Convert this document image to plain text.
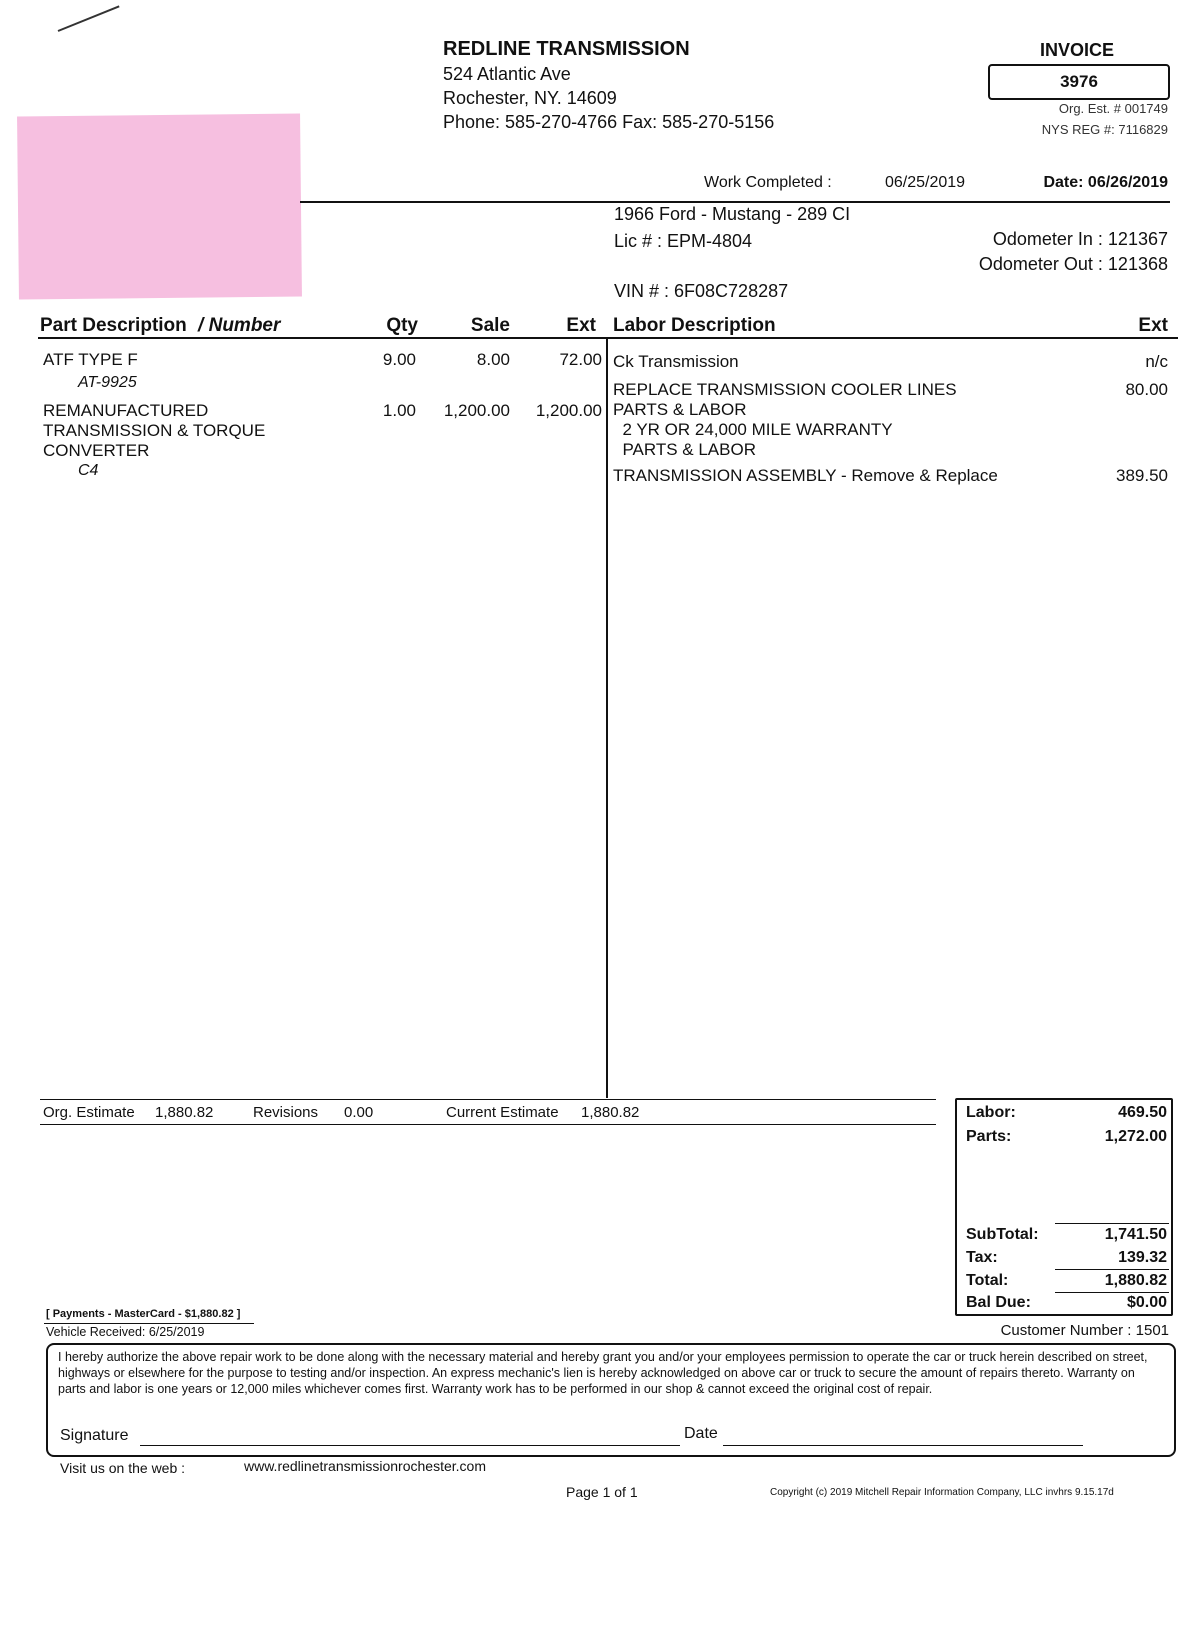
REDLINE TRANSMISSION
524 Atlantic Ave
Rochester, NY. 14609
Phone: 585-270-4766 Fax: 585-270-5156
INVOICE
3976
Org. Est. # 001749
NYS REG #: 7116829
Work Completed :	06/25/2019	Date: 06/26/2019
1966 Ford - Mustang - 289 CI
Lic # : EPM-4804
VIN # : 6F08C728287
Odometer In : 121367
Odometer Out : 121368
Part Description / Number	Qty	Sale	Ext Labor Description	Ext
ATF TYPE F
AT-9925
9.00	8.00	72.00
REMANUFACTURED
TRANSMISSION & TORQUE
CONVERTER
C4
1.00	1,200.00	1,200.00
Ck Transmission	n/c
REPLACE TRANSMISSION COOLER LINES
PARTS & LABOR
2 YR OR 24,000 MILE WARRANTY
PARTS & LABOR
80.00
TRANSMISSION ASSEMBLY - Remove & Replace	389.50
Org. Estimate 1,880.82	Revisions 0.00	Current Estimate 1,880.82	Labor:	469.50
Parts:	1,272.00
SubTotal:	1,741.50
Tax:	139.32
Total:	1,880.82
Bal Due:	$0.00
[ Payments - MasterCard - $1,880.82 ]
Vehicle Received: 6/25/2019	Customer Number : 1501
I hereby authorize the above repair work to be done along with the necessary material and hereby grant you and/or your employees permission to operate the car or truck herein described on street, highways or elsewhere for the purpose to testing and/or inspection. An express mechanic's lien is hereby acknowledged on above car or truck to secure the amount of repairs thereto. Warranty on parts and labor is one years or 12,000 miles whichever comes first. Warranty work has to be performed in our shop & cannot exceed the original cost of repair.
Signature	Date
Visit us on the web :	www.redlinetransmissionrochester.com
Page 1 of 1	Copyright (c) 2019 Mitchell Repair Information Company, LLC invhrs 9.15.17d
